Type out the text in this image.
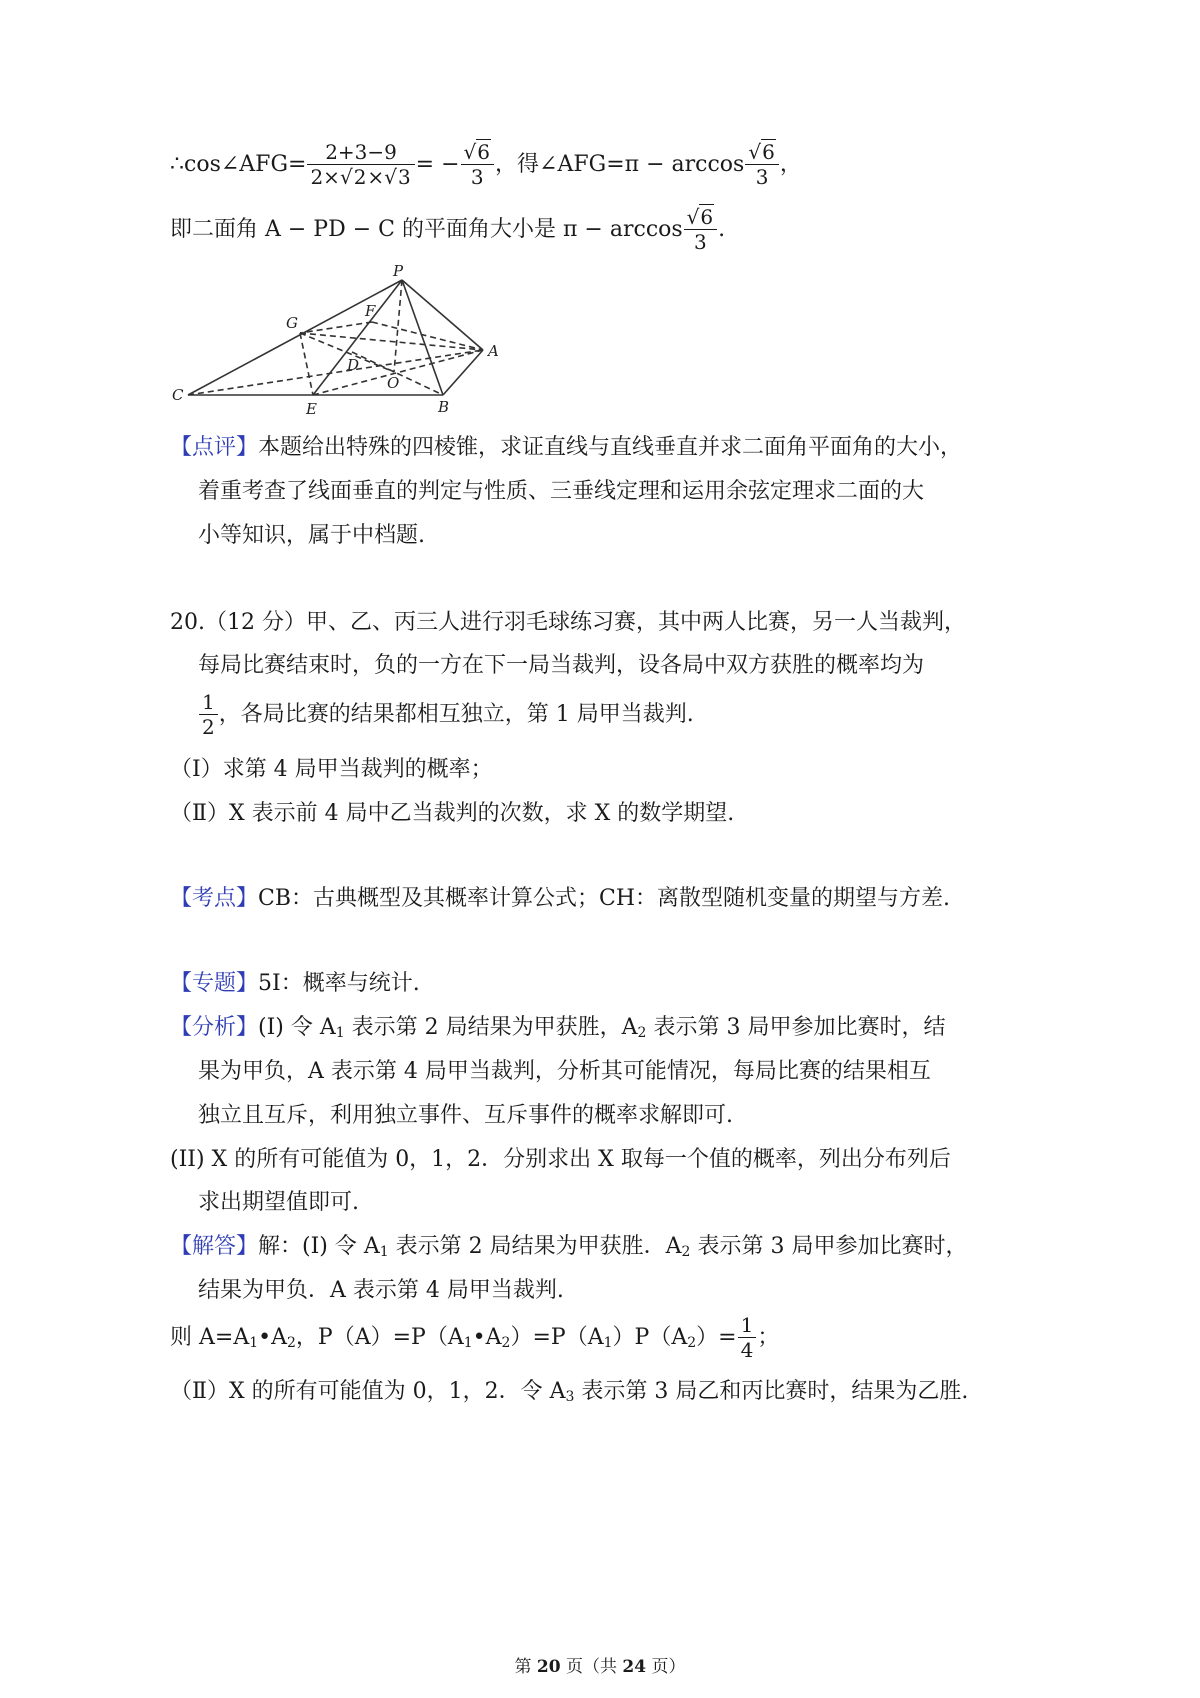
∴cos∠AFG= $\frac{2+3-9}{2\times√2\times√3}$ = − $\frac{√6}{3}$ ，得∠AFG=π − $\arccos \frac{√6}{3}$ ，
即二面角 A − PD − C 的平面角大小是 $\pi - \arccos \frac{√6}{3}$ .
P
G
F
A
D
O
C
E	B
【点评】本题给出特殊的四棱锥，求证直线与直线垂直并求二面角平面角的大小，
着重考查了线面垂直的判定与性质、三垂线定理和运用余弦定理求二面的大
小等知识，属于中档题.
20.（12 分）甲、乙、丙三人进行羽毛球练习赛，其中两人比赛，另一人当裁判，
每局比赛结束时，负的一方在下一局当裁判，设各局中双方获胜的概率均为
$\frac{1}{2}$ ，各局比赛的结果都相互独立，第 1 局甲当裁判.
（Ⅰ）求第 4 局甲当裁判的概率；
（Ⅱ）X 表示前 4 局中乙当裁判的次数，求 X 的数学期望.
【考点】CB：古典概型及其概率计算公式；CH：离散型随机变量的期望与方差.
【专题】5I：概率与统计.
【分析】(I) 令 $A_1$ 表示第 2 局结果为甲获胜，$A_2$ 表示第 3 局甲参加比赛时，结
果为甲负，A 表示第 4 局甲当裁判，分析其可能情况，每局比赛的结果相互
独立且互斥，利用独立事件、互斥事件的概率求解即可.
(II) X 的所有可能值为 0，1，2．分别求出 X 取每一个值的概率，列出分布列后
求出期望值即可.
【解答】解：(I) 令 $A_1$ 表示第 2 局结果为甲获胜．$A_2$ 表示第 3 局甲参加比赛时，
结果为甲负．A 表示第 4 局甲当裁判.
则 $A=A_1•A_2$，$P(A)=P(A_1•A_2)=P(A_1)P(A_2)= \frac{1}{4}$ ；
（Ⅱ）X 的所有可能值为 0，1，2．令 $A_3$ 表示第 3 局乙和丙比赛时，结果为乙胜.
第 20 页（共 24 页）
